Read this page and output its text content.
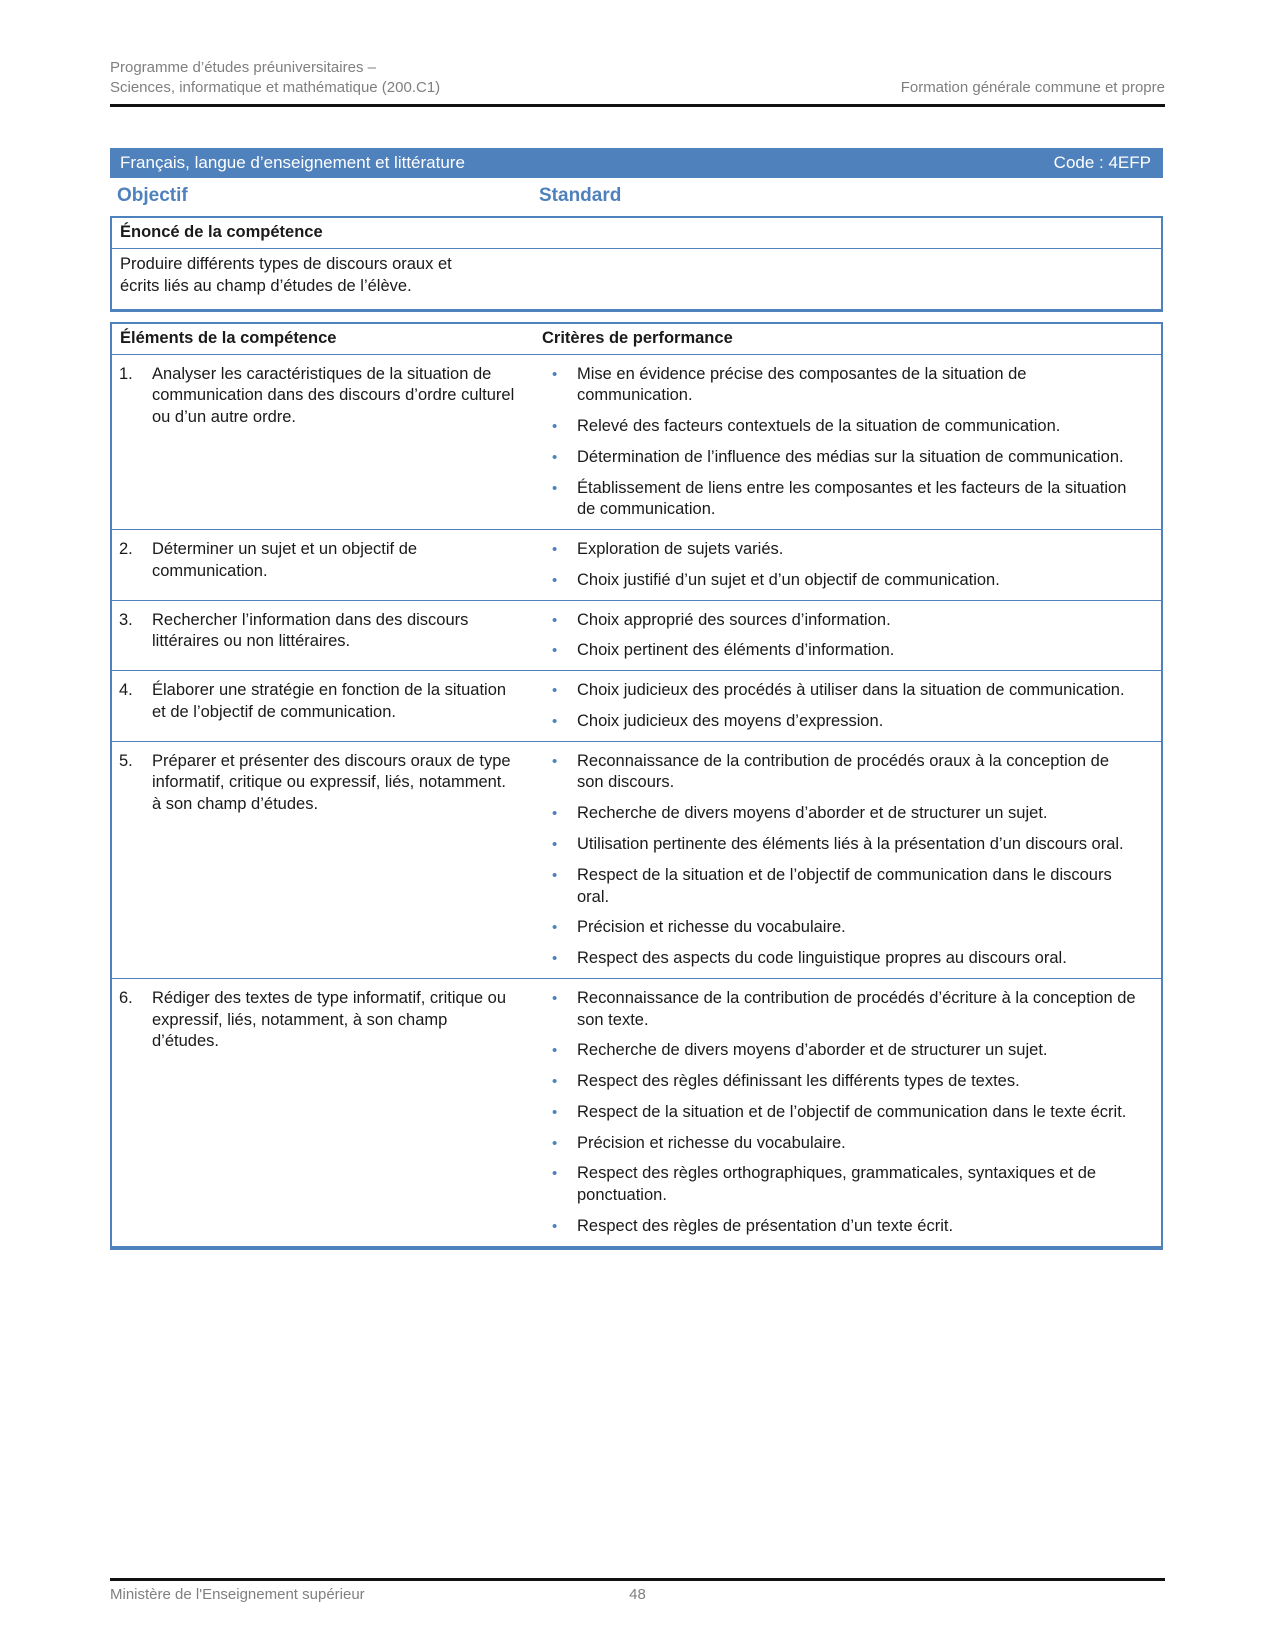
Programme d’études préuniversitaires –
Sciences, informatique et mathématique (200.C1)	Formation générale commune et propre
Français, langue d’enseignement et littérature	Code : 4EFP
Objectif	Standard
Énoncé de la compétence
Produire différents types de discours oraux et écrits liés au champ d’études de l’élève.
Éléments de la compétence	Critères de performance
1.	Analyser les caractéristiques de la situation de communication dans des discours d’ordre culturel ou d’un autre ordre.
•	Mise en évidence précise des composantes de la situation de communication.
•	Relevé des facteurs contextuels de la situation de communication.
•	Détermination de l’influence des médias sur la situation de communication.
•	Établissement de liens entre les composantes et les facteurs de la situation de communication.
2.	Déterminer un sujet et un objectif de communication.
•	Exploration de sujets variés.
•	Choix justifié d’un sujet et d’un objectif de communication.
3.	Rechercher l’information dans des discours littéraires ou non littéraires.
•	Choix approprié des sources d’information.
•	Choix pertinent des éléments d’information.
4.	Élaborer une stratégie en fonction de la situation et de l’objectif de communication.
•	Choix judicieux des procédés à utiliser dans la situation de communication.
•	Choix judicieux des moyens d’expression.
5.	Préparer et présenter des discours oraux de type informatif, critique ou expressif, liés, notamment. à son champ d’études.
•	Reconnaissance de la contribution de procédés oraux à la conception de son discours.
•	Recherche de divers moyens d’aborder et de structurer un sujet.
•	Utilisation pertinente des éléments liés à la présentation d’un discours oral.
•	Respect de la situation et de l’objectif de communication dans le discours oral.
•	Précision et richesse du vocabulaire.
•	Respect des aspects du code linguistique propres au discours oral.
6.	Rédiger des textes de type informatif, critique ou expressif, liés, notamment, à son champ d’études.
•	Reconnaissance de la contribution de procédés d’écriture à la conception de son texte.
•	Recherche de divers moyens d’aborder et de structurer un sujet.
•	Respect des règles définissant les différents types de textes.
•	Respect de la situation et de l’objectif de communication dans le texte écrit.
•	Précision et richesse du vocabulaire.
•	Respect des règles orthographiques, grammaticales, syntaxiques et de ponctuation.
•	Respect des règles de présentation d’un texte écrit.
Ministère de l'Enseignement supérieur	48
